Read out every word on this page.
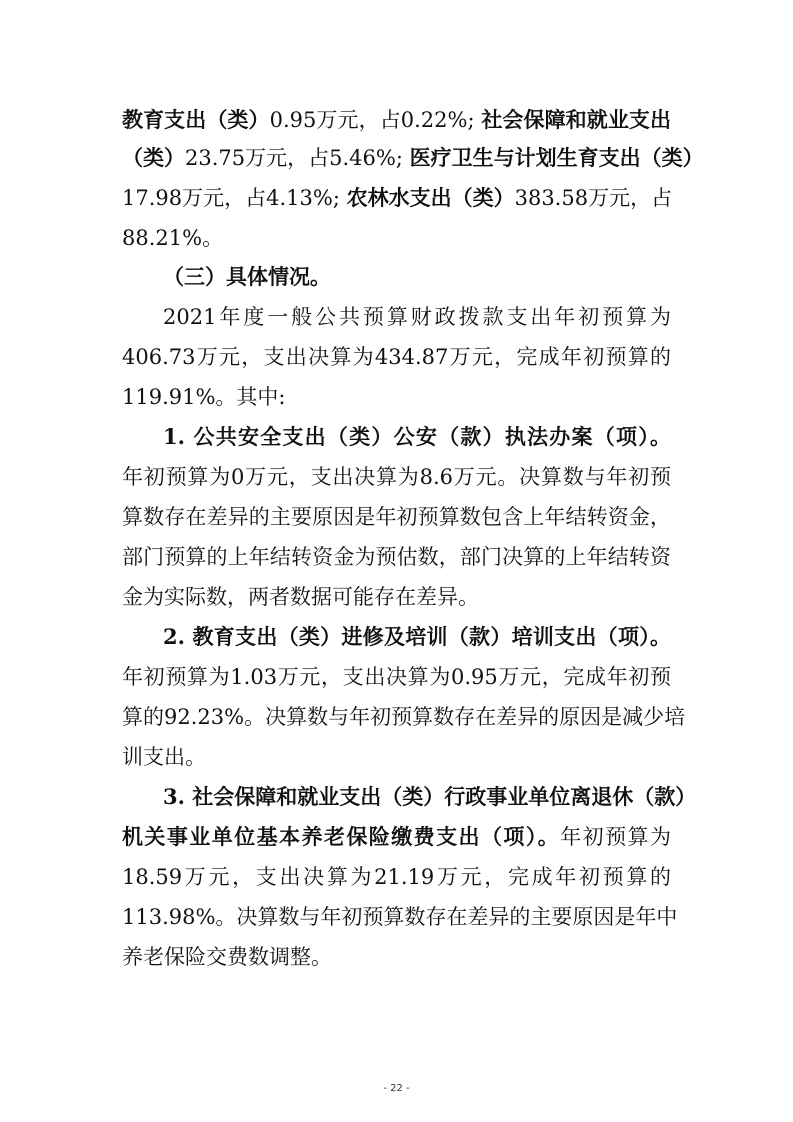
教育支出（类）0.95万元，占0.22%; 社会保障和就业支出
（类）23.75万元，占5.46%; 医疗卫生与计划生育支出（类）
17.98万元，占4.13%; 农林水支出（类）383.58万元，占
88.21%。
（三）具体情况。
2021年度一般公共预算财政拨款支出年初预算为
406.73万元，支出决算为434.87万元，完成年初预算的
119.91%。其中:
1. 公共安全支出（类）公安（款）执法办案（项）。
年初预算为0万元，支出决算为8.6万元。决算数与年初预
算数存在差异的主要原因是年初预算数包含上年结转资金，
部门预算的上年结转资金为预估数，部门决算的上年结转资
金为实际数，两者数据可能存在差异。
2. 教育支出（类）进修及培训（款）培训支出（项）。
年初预算为1.03万元，支出决算为0.95万元，完成年初预
算的92.23%。决算数与年初预算数存在差异的原因是减少培
训支出。
3. 社会保障和就业支出（类）行政事业单位离退休（款）
机关事业单位基本养老保险缴费支出（项）。年初预算为
18.59万元，支出决算为21.19万元，完成年初预算的
113.98%。决算数与年初预算数存在差异的主要原因是年中
养老保险交费数调整。
- 22 -
